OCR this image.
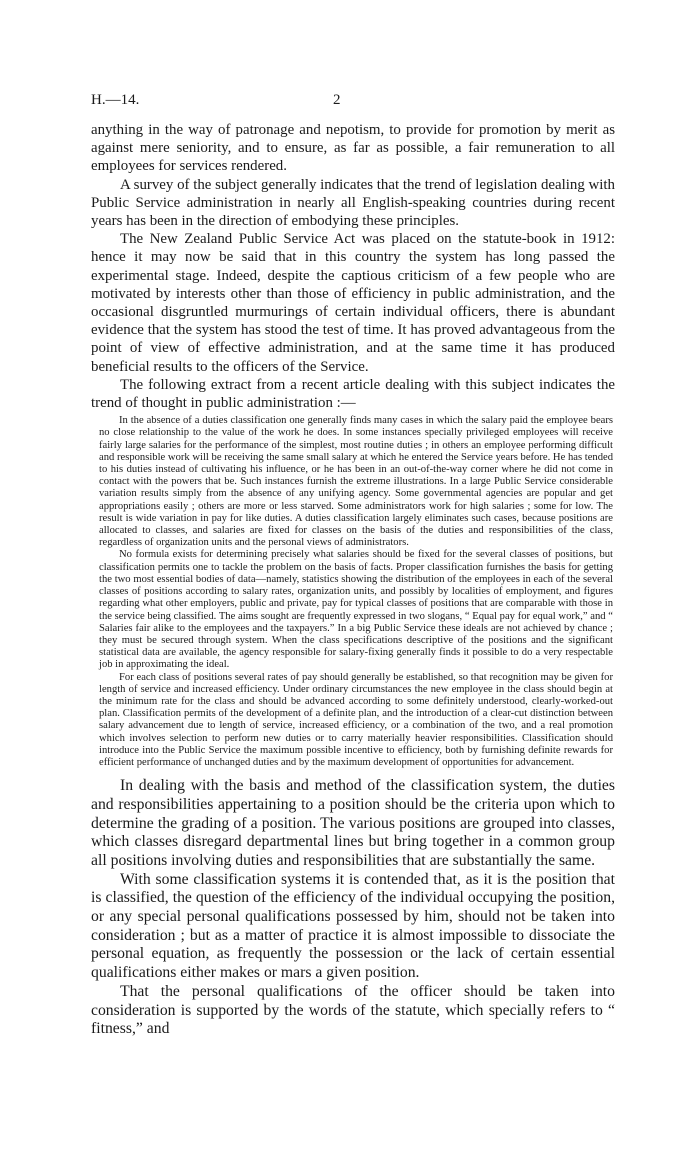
H.—14.	2

anything in the way of patronage and nepotism, to provide for promotion by merit as against mere seniority, and to ensure, as far as possible, a fair remuneration to all employees for services rendered.

A survey of the subject generally indicates that the trend of legislation dealing with Public Service administration in nearly all English-speaking countries during recent years has been in the direction of embodying these principles.

The New Zealand Public Service Act was placed on the statute-book in 1912: hence it may now be said that in this country the system has long passed the experimental stage. Indeed, despite the captious criticism of a few people who are motivated by interests other than those of efficiency in public administration, and the occasional disgruntled murmurings of certain individual officers, there is abundant evidence that the system has stood the test of time. It has proved advantageous from the point of view of effective administration, and at the same time it has produced beneficial results to the officers of the Service.

The following extract from a recent article dealing with this subject indicates the trend of thought in public administration :—

In the absence of a duties classification one generally finds many cases in which the salary paid the employee bears no close relationship to the value of the work he does. In some instances specially privileged employees will receive fairly large salaries for the performance of the simplest, most routine duties ; in others an employee performing difficult and responsible work will be receiving the same small salary at which he entered the Service years before. He has tended to his duties instead of cultivating his influence, or he has been in an out-of-the-way corner where he did not come in contact with the powers that be. Such instances furnish the extreme illustrations. In a large Public Service considerable variation results simply from the absence of any unifying agency. Some governmental agencies are popular and get appropriations easily ; others are more or less starved. Some administrators work for high salaries ; some for low. The result is wide variation in pay for like duties. A duties classification largely eliminates such cases, because positions are allocated to classes, and salaries are fixed for classes on the basis of the duties and responsibilities of the class, regardless of organization units and the personal views of administrators.

No formula exists for determining precisely what salaries should be fixed for the several classes of positions, but classification permits one to tackle the problem on the basis of facts. Proper classification furnishes the basis for getting the two most essential bodies of data—namely, statistics showing the distribution of the employees in each of the several classes of positions according to salary rates, organization units, and possibly by localities of employment, and figures regarding what other employers, public and private, pay for typical classes of positions that are comparable with those in the service being classified. The aims sought are frequently expressed in two slogans, “ Equal pay for equal work,” and “ Salaries fair alike to the employees and the taxpayers.” In a big Public Service these ideals are not achieved by chance ; they must be secured through system. When the class specifications descriptive of the positions and the significant statistical data are available, the agency responsible for salary-fixing generally finds it possible to do a very respectable job in approximating the ideal.

For each class of positions several rates of pay should generally be established, so that recognition may be given for length of service and increased efficiency. Under ordinary circumstances the new employee in the class should begin at the minimum rate for the class and should be advanced according to some definitely understood, clearly-worked-out plan. Classification permits of the development of a definite plan, and the introduction of a clear-cut distinction between salary advancement due to length of service, increased efficiency, or a combination of the two, and a real promotion which involves selection to perform new duties or to carry materially heavier responsibilities. Classification should introduce into the Public Service the maximum possible incentive to efficiency, both by furnishing definite rewards for efficient performance of unchanged duties and by the maximum development of opportunities for advancement.

In dealing with the basis and method of the classification system, the duties and responsibilities appertaining to a position should be the criteria upon which to determine the grading of a position. The various positions are grouped into classes, which classes disregard departmental lines but bring together in a common group all positions involving duties and responsibilities that are substantially the same.

With some classification systems it is contended that, as it is the position that is classified, the question of the efficiency of the individual occupying the position, or any special personal qualifications possessed by him, should not be taken into consideration ; but as a matter of practice it is almost impossible to dissociate the personal equation, as frequently the possession or the lack of certain essential qualifications either makes or mars a given position.

That the personal qualifications of the officer should be taken into consideration is supported by the words of the statute, which specially refers to “ fitness,” and
